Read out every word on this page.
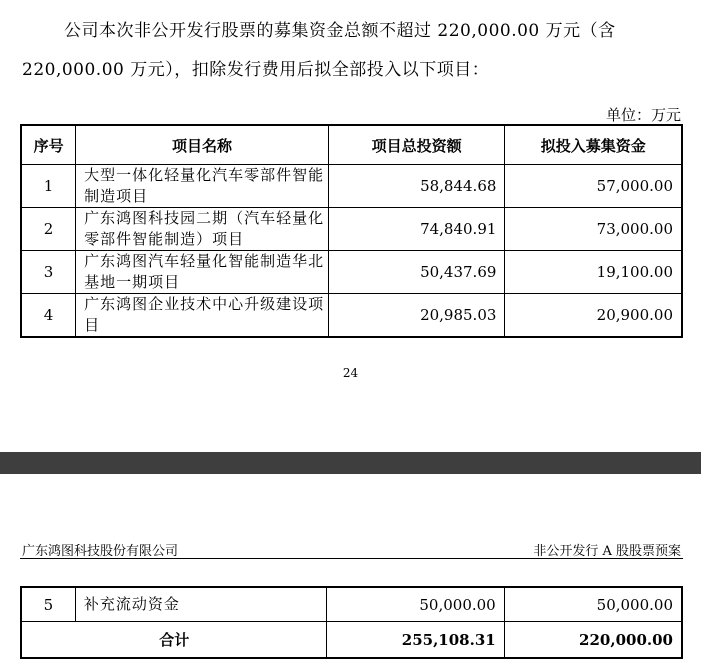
公司本次非公开发行股票的募集资金总额不超过 220,000.00 万元（含
220,000.00 万元），扣除发行费用后拟全部投入以下项目：
单位：万元
序号	项目名称	项目总投资额	拟投入募集资金
1	大型一体化轻量化汽车零部件智能制造项目	58,844.68	57,000.00
2	广东鸿图科技园二期（汽车轻量化零部件智能制造）项目	74,840.91	73,000.00
3	广东鸿图汽车轻量化智能制造华北基地一期项目	50,437.69	19,100.00
4	广东鸿图企业技术中心升级建设项目	20,985.03	20,900.00
24
广东鸿图科技股份有限公司	非公开发行 A 股股票预案
5	补充流动资金	50,000.00	50,000.00
合计		255,108.31	220,000.00
